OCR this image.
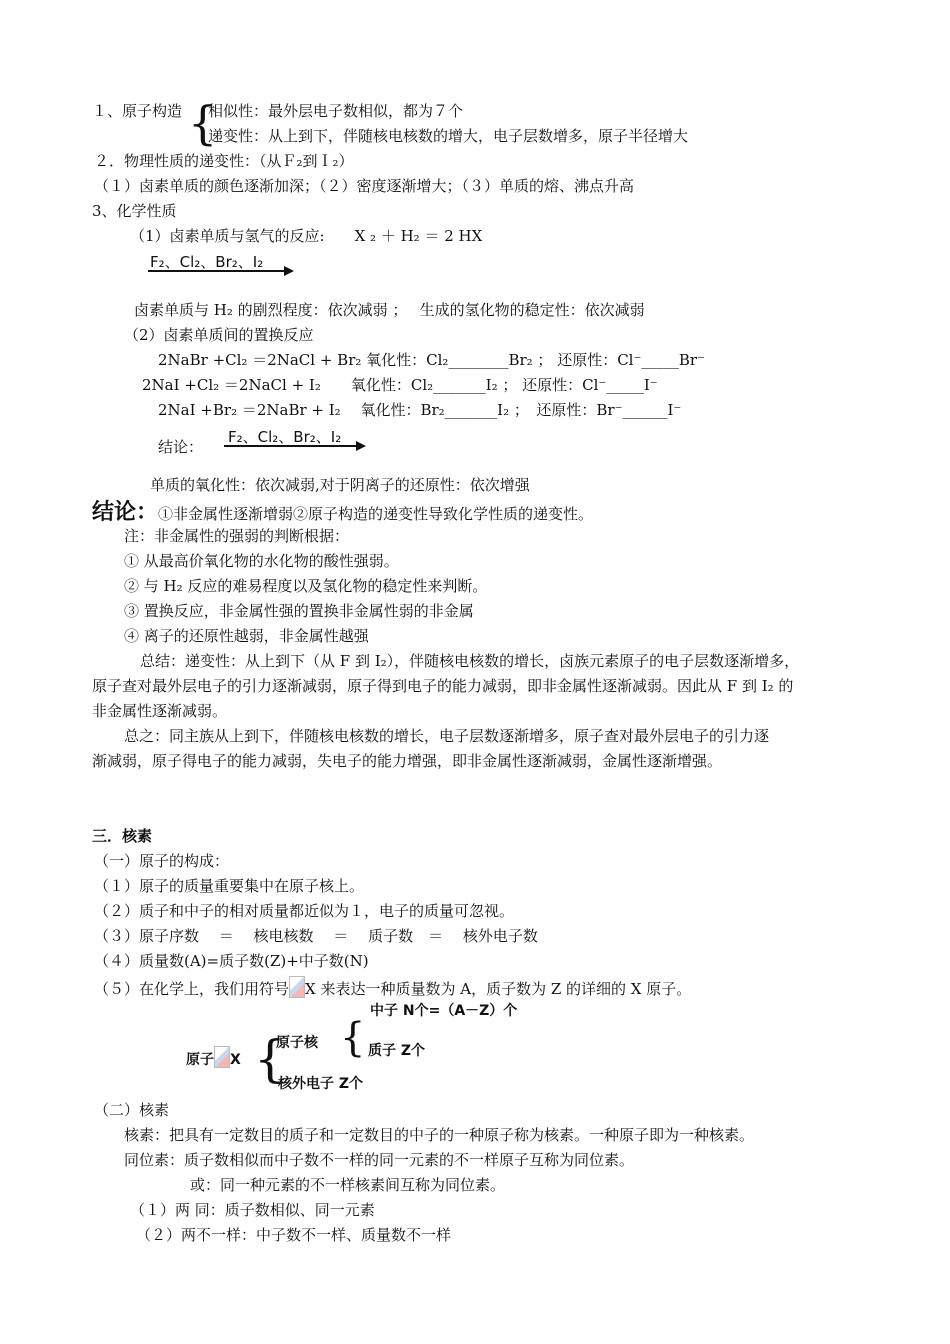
１、原子构造 {
相似性：最外层电子数相似，都为７个
递变性：从上到下，伴随核电核数的增大，电子层数增多，原子半径增大
２．物理性质的递变性：（从Ｆ₂到Ｉ₂）
（１）卤素单质的颜色逐渐加深；（２）密度逐渐增大；（３）单质的熔、沸点升高
3、化学性质
（1）卤素单质与氢气的反应:　　X ₂ ＋ H₂ ＝ 2 HX
F₂、Cl₂、Br₂、I₂
卤素单质与 H₂ 的剧烈程度：依次减弱 ；　 生成的氢化物的稳定性：依次减弱
（2）卤素单质间的置换反应
2NaBr +Cl₂ ＝2NaCl + Br₂ 氧化性：Cl₂________Br₂ ； 还原性：Cl⁻_____Br⁻
2NaI +Cl₂ ＝2NaCl + I₂　　氧化性：Cl₂_______I₂ ； 还原性：Cl⁻_____I⁻
2NaI +Br₂ ＝2NaBr + I₂　 氧化性：Br₂_______I₂ ；　还原性：Br⁻______I⁻
结论：
F₂、Cl₂、Br₂、I₂
单质的氧化性：依次减弱,对于阴离子的还原性：依次增强
结论：①非金属性逐渐增弱②原子构造的递变性导致化学性质的递变性。
注：非金属性的强弱的判断根据：
① 从最高价氧化物的水化物的酸性强弱。
② 与 H₂ 反应的难易程度以及氢化物的稳定性来判断。
③ 置换反应，非金属性强的置换非金属性弱的非金属
④ 离子的还原性越弱，非金属性越强
总结：递变性：从上到下（从 F 到 I₂），伴随核电核数的增长，卤族元素原子的电子层数逐渐增多，
原子查对最外层电子的引力逐渐减弱，原子得到电子的能力减弱，即非金属性逐渐减弱。因此从 F 到 I₂ 的
非金属性逐渐减弱。
总之：同主族从上到下，伴随核电核数的增长，电子层数逐渐增多，原子查对最外层电子的引力逐
渐减弱，原子得电子的能力减弱，失电子的能力增强，即非金属性逐渐减弱，金属性逐渐增强。
三．核素
（一）原子的构成：
（１）原子的质量重要集中在原子核上。
（２）质子和中子的相对质量都近似为１，电子的质量可忽视。
（３）原子序数　 ＝　 核电核数　 ＝　 质子数　＝　 核外电子数
（４）质量数(A)=质子数(Z)+中子数(N)
（５）在化学上，我们用符号 X 来表达一种质量数为 A，质子数为 Z 的详细的 X 原子。
中子 N个=（A－Z）个
原子 X {
原子核 { 质子 Z个
核外电子 Z个
（二）核素
核素：把具有一定数目的质子和一定数目的中子的一种原子称为核素。一种原子即为一种核素。
同位素：质子数相似而中子数不一样的同一元素的不一样原子互称为同位素。
或：同一种元素的不一样核素间互称为同位素。
（１）两 同：质子数相似、同一元素
（２）两不一样：中子数不一样、质量数不一样
